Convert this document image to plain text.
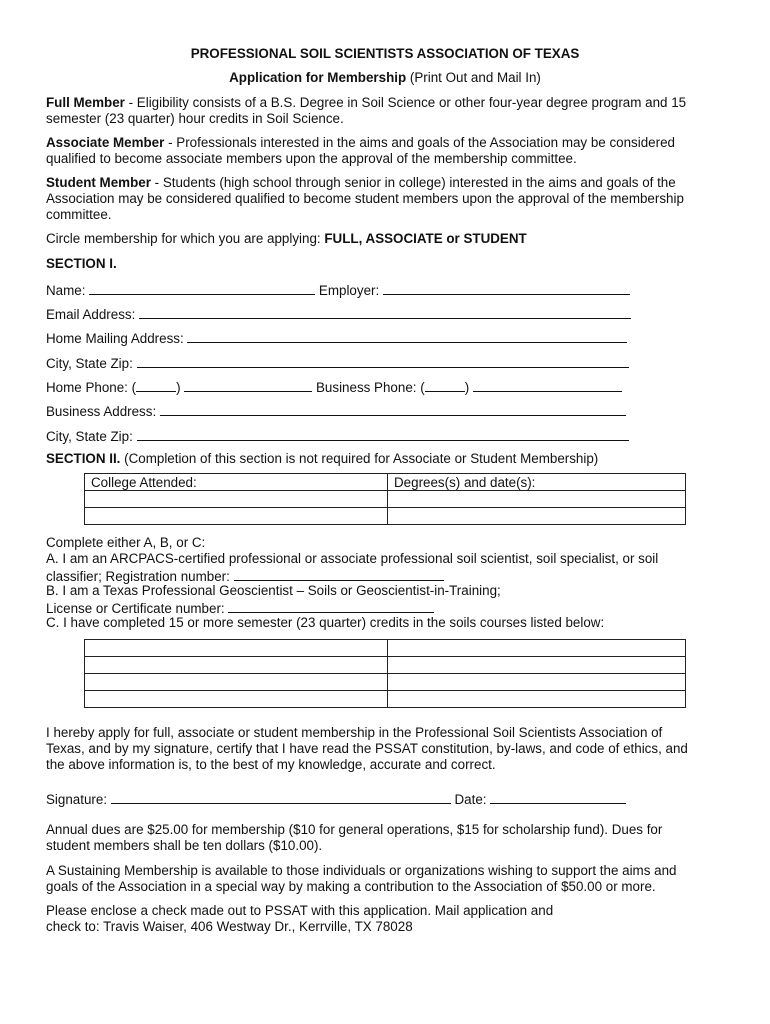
PROFESSIONAL SOIL SCIENTISTS ASSOCIATION OF TEXAS
Application for Membership (Print Out and Mail In)
Full Member - Eligibility consists of a B.S. Degree in Soil Science or other four-year degree program and 15
semester (23 quarter) hour credits in Soil Science.
Associate Member - Professionals interested in the aims and goals of the Association may be considered
qualified to become associate members upon the approval of the membership committee.
Student Member - Students (high school through senior in college) interested in the aims and goals of the
Association may be considered qualified to become student members upon the approval of the membership
committee.
Circle membership for which you are applying: FULL, ASSOCIATE or STUDENT
SECTION I.
Name:	Employer:
Email Address:
Home Mailing Address:
City, State Zip:
Home Phone: (	)	Business Phone: (	)
Business Address:
City, State Zip:
SECTION II. (Completion of this section is not required for Associate or Student Membership)
College Attended:	Degrees(s) and date(s):

Complete either A, B, or C:
A. I am an ARCPACS-certified professional or associate professional soil scientist, soil specialist, or soil
classifier; Registration number:
B. I am a Texas Professional Geoscientist – Soils or Geoscientist-in-Training;
License or Certificate number:
C. I have completed 15 or more semester (23 quarter) credits in the soils courses listed below:

I hereby apply for full, associate or student membership in the Professional Soil Scientists Association of
Texas, and by my signature, certify that I have read the PSSAT constitution, by-laws, and code of ethics, and
the above information is, to the best of my knowledge, accurate and correct.
Signature:	Date:
Annual dues are $25.00 for membership ($10 for general operations, $15 for scholarship fund). Dues for
student members shall be ten dollars ($10.00).
A Sustaining Membership is available to those individuals or organizations wishing to support the aims and
goals of the Association in a special way by making a contribution to the Association of $50.00 or more.
Please enclose a check made out to PSSAT with this application. Mail application and
check to: Travis Waiser, 406 Westway Dr., Kerrville, TX 78028
